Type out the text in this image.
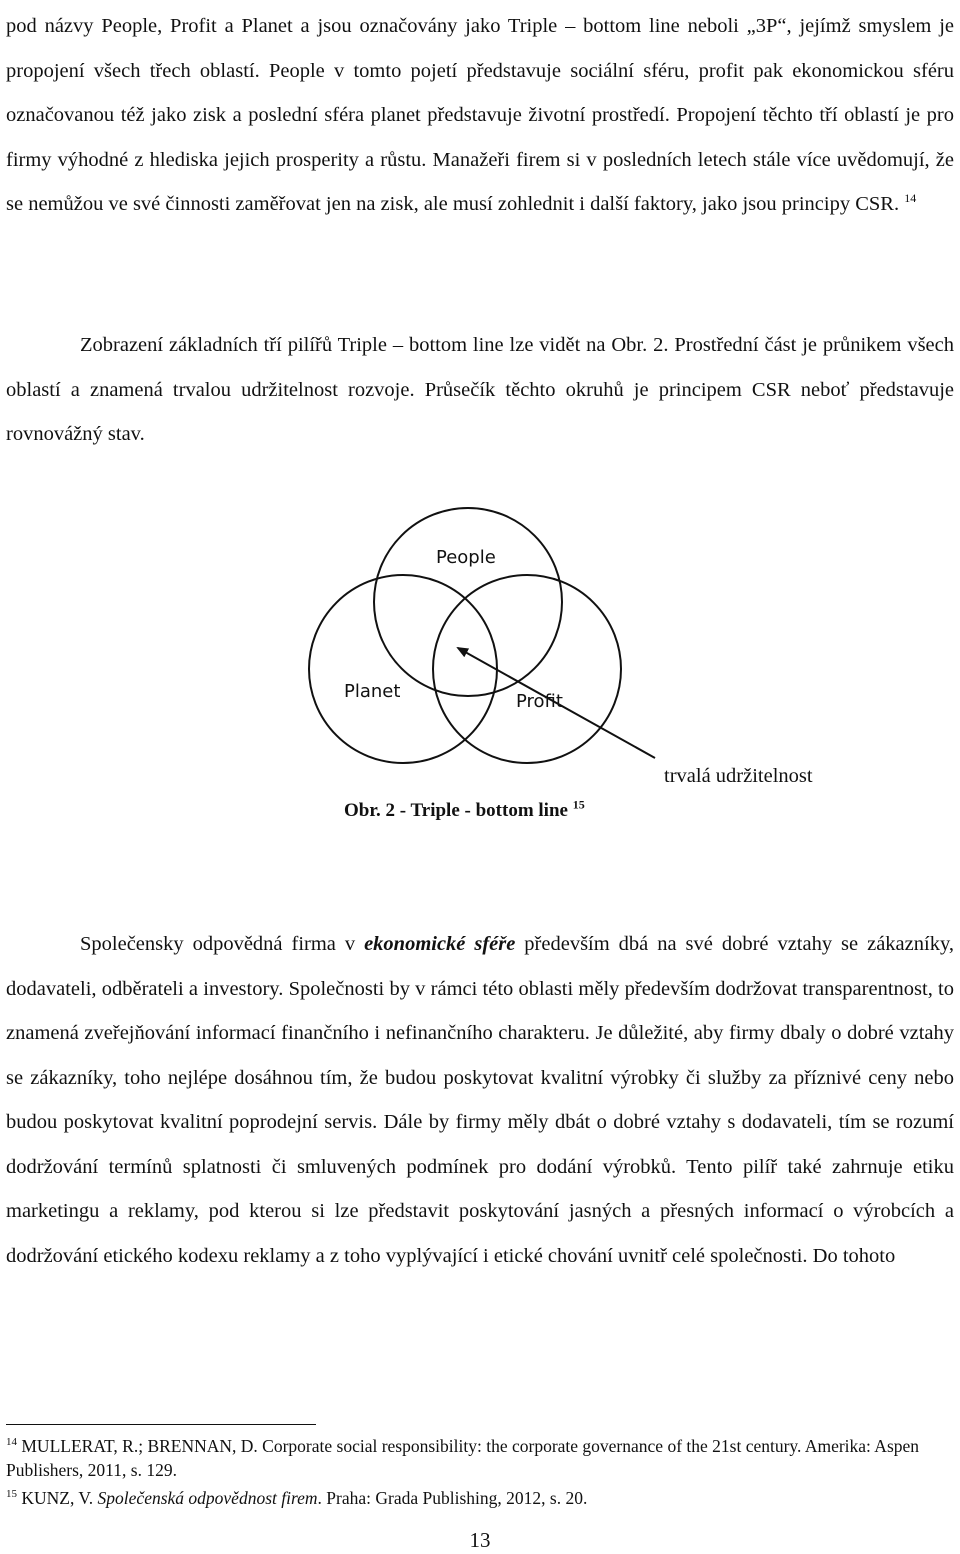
pod názvy People, Profit a Planet a jsou označovány jako Triple – bottom line neboli „3P“, jejímž smyslem je propojení všech třech oblastí. People v tomto pojetí představuje sociální sféru, profit pak ekonomickou sféru označovanou též jako zisk a poslední sféra planet představuje životní prostředí. Propojení těchto tří oblastí je pro firmy výhodné z hlediska jejich prosperity a růstu. Manažeři firem si v posledních letech stále více uvědomují, že se nemůžou ve své činnosti zaměřovat jen na zisk, ale musí zohlednit i další faktory, jako jsou principy CSR. $^{14}$

Zobrazení základních tří pilířů Triple – bottom line lze vidět na Obr. 2. Prostřední část je průnikem všech oblastí a znamená trvalou udržitelnost rozvoje. Průsečík těchto okruhů je principem CSR neboť představuje rovnovážný stav.

People
Planet	Profit
trvalá udržitelnost

Obr. 2 - Triple - bottom line $^{15}$

Společensky odpovědná firma v ekonomické sféře především dbá na své dobré vztahy se zákazníky, dodavateli, odběrateli a investory. Společnosti by v rámci této oblasti měly především dodržovat transparentnost, to znamená zveřejňování informací finančního i nefinančního charakteru. Je důležité, aby firmy dbaly o dobré vztahy se zákazníky, toho nejlépe dosáhnou tím, že budou poskytovat kvalitní výrobky či služby za příznivé ceny nebo budou poskytovat kvalitní poprodejní servis. Dále by firmy měly dbát o dobré vztahy s dodavateli, tím se rozumí dodržování termínů splatnosti či smluvených podmínek pro dodání výrobků. Tento pilíř také zahrnuje etiku marketingu a reklamy, pod kterou si lze představit poskytování jasných a přesných informací o výrobcích a dodržování etického kodexu reklamy a z toho vyplývající i etické chování uvnitř celé společnosti. Do tohoto

$^{14}$ MULLERAT, R.; BRENNAN, D. Corporate social responsibility: the corporate governance of the 21st century. Amerika: Aspen Publishers, 2011, s. 129.

$^{15}$ KUNZ, V. Společenská odpovědnost firem. Praha: Grada Publishing, 2012, s. 20.

13
